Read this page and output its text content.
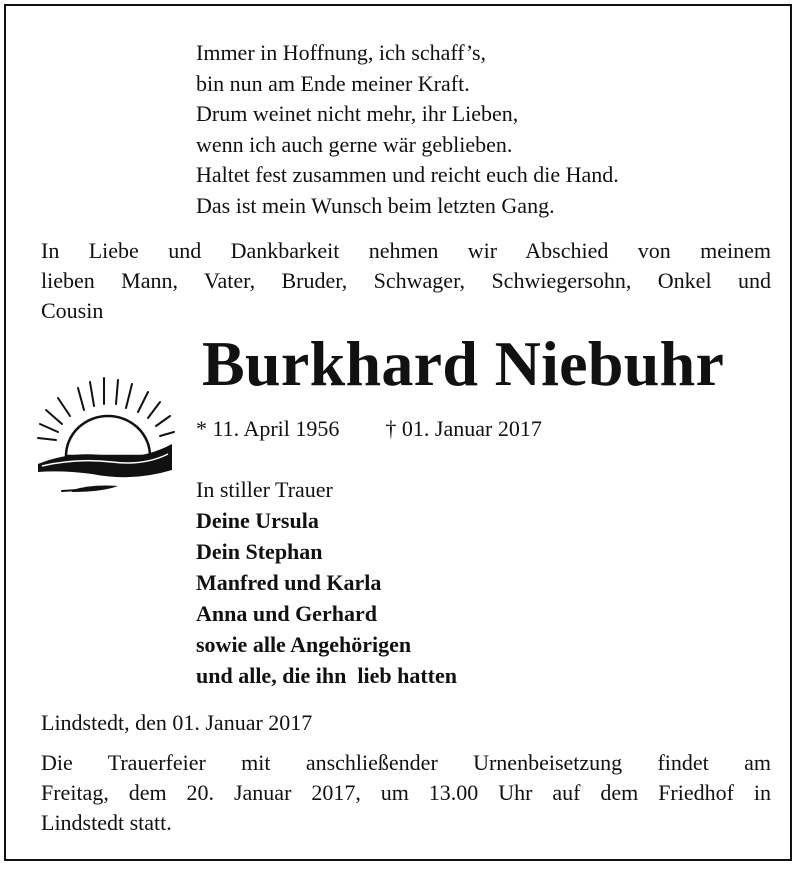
Immer in Hoffnung, ich schaff’s,
bin nun am Ende meiner Kraft.
Drum weinet nicht mehr, ihr Lieben,
wenn ich auch gerne wär geblieben.
Haltet fest zusammen und reicht euch die Hand.
Das ist mein Wunsch beim letzten Gang.
In Liebe und Dankbarkeit nehmen wir Abschied von meinem
lieben Mann, Vater, Bruder, Schwager, Schwiegersohn, Onkel und
Cousin
Burkhard Niebuhr
* 11. April 1956 † 01. Januar 2017
In stiller Trauer
Deine Ursula
Dein Stephan
Manfred und Karla
Anna und Gerhard
sowie alle Angehörigen
und alle, die ihn  lieb hatten
Lindstedt, den 01. Januar 2017
Die Trauerfeier mit anschließender Urnenbeisetzung findet am
Freitag, dem 20. Januar 2017, um 13.00 Uhr auf dem Friedhof in
Lindstedt statt.
